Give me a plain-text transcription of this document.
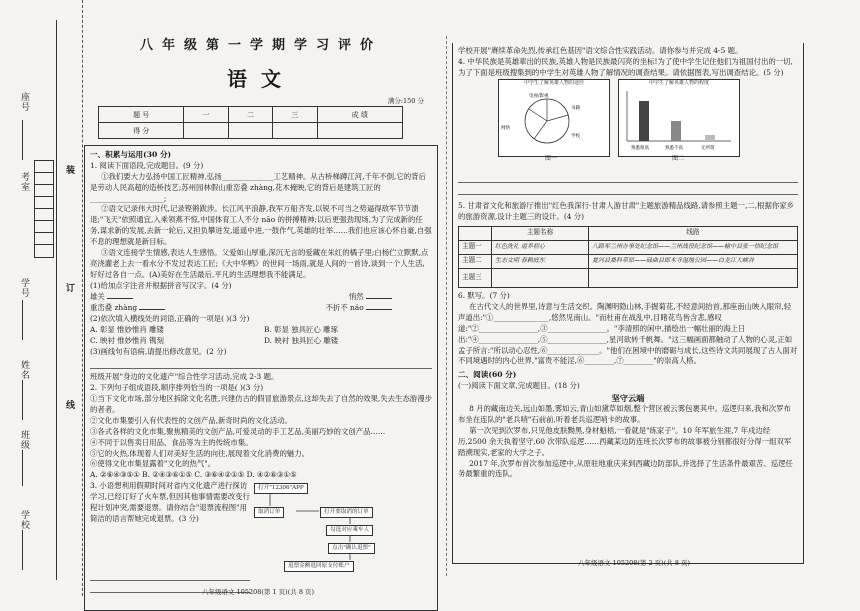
座号
考室
装
学号	订
姓名
线
班级
学校
八年级第一学期学习评价
语文
满分:150 分
题 号	一	二	三	成 绩
得 分				
一、积累与运用(30 分)

1. 阅读下面语段,完成题目。(9 分)

①我们要大力弘扬中国工匠精神,弘扬______________工艺精神。从古桥梯蹲江河,千年不倒,它的背后是劳动人民高超的造桥技艺;苏州园林假山重峦叠 zhàng,花木掩映,它的背后是建筑工匠的____________________;

②语文记录伟大时代,记录铿锵跋涉。长江风平浪静,我军万船齐发,以锐不可当之势逼得敌军节节溃退;"飞天"依照通宜,入乘领燕不惊,中国体育工人不分 nāo 的拼搏精神;以后更强劲现场,为了完成新的任务,谋求新的发展,去新一轮后,又担负攀进发,遥遥中进,一鼓作气,英雄的壮举……我们也应该心怀自豪,自强不息的理想就是新目标。

③语文连接学生情感,表达人生感悟。父爱如山厚重,深沉无言的爱藏在朱红的橘子里;白杨伫立默默,点亮浇灌老上去一看水分不发过表达工匠;《大中华鸭》的世间一场雨,就是人间的一首诗,谈到一个人生活,好好过各自一点。(A)美好在生活最后,平凡的生活理想我不能满足。

(1)给加点字注音并根据拼音写汉字。(4 分)

雄关	悄然
重峦叠 zhàng	不折不 náo

(2)依次填入横线处的词语,正确的一项是( )(3 分)

A. 彰显 惟妙惟肖 雕镂	B. 彰显 独具匠心 雕琢
C. 映衬 惟妙惟肖 镌刻	D. 映衬 独具匠心 雕镂

(3)画线句有语病,请提出修改意见。(2 分)

班级开展"身边的文化遗产"综合性学习活动,完成 2-3 题。

2. 下列句子组成语段,顺序排列恰当的一项是( )(3 分)

①当下文化市场,部分地区拆除文化名胜,兴建仿古的假冒旅游景点,这却失去了自然的效果,失去生态游漫步的者者。

②文化市集要引入有代表性的文创产品,新奇时尚的文化活动。

③各式各样的文化市集,聚焦精美的文创产品,可爱灵动的手工艺品,美丽巧妙的文创产品……

④不同于以售卖日用品、食品等为主的传统市集。

⑤它的火热,体现着人们对美好生活的向往,展现着文化消费的魅力。

⑥使得文化市集显露着"文化的热气"。

A. ②⑥④③⑤① B. ②④③⑥①⑤ C. ③⑥④②①⑤ D. ④②⑥③①⑤

3. 小语想利用假期时间对省内文化遗产进行探访学习,已经订好了火车票,但因其他事情需要改变行程计划冲突,需要退票。请你结合"退票流程图"用简洁的语言帮她完成退票。(3 分)

打开"12306"APP
取消订单	打开要取消的订单
勾选对应乘车人
点击"确认退票"
退票金额退回原支付账户
八年级语文 105208(第 1 页)(共 8 页)

学校开展"赓续革命先烈,传承红色基因"语文综合性实践活动。请你参与并完成 4-5 题。

4. 中华民族是英雄辈出的民族,英雄人物是民族最闪亮的坐标!为了使中学生记住他们为祖国付出的一切,为了下面是班级搜集到的中学生对英雄人物了解情况的调查结果。请依据图表,写出调查结论。(5 分)

中学生了解英雄人物的途径
电视/影视
书籍
网络
学校
图一
中学生了解英雄人物的程度
熟悉很高	熟悉不高	无所谓
图二

5. 甘肃省文化和旅游厅推出"红色我深行·甘肃人游甘肃"主题旅游精品线路,请参照主题一,二,根据你家乡的旅游资源,设计主题三的设计。(4 分)

	主题名称	线路
主题一	红色洗礼 道养初心	八路军兰州办事处纪念馆——兰州战役纪念馆——榆中县张一悟纪念馆
主题二	生态文明 春赖庭东	夏河县桑科草原——碌曲县郎木寺湿地公园——白龙江大峡谷
主题三		

6. 默写。(7 分)

在古代文人的世界里,诗意与生活交织。陶渊明隐山林,手握菊花,不经意间抬首,那座南山映入眼帘,轻声道出:"①_______________,悠然见南山。"而杜甫在战乱中,目睹花鸟皆含悲,感叹道:"②________________,③________________。"李清照的闲中,描绘出一幅壮丽的海上日出:"④________________,⑤________________,星河欲转千帆舞。"这三幅画面都触动了人物的心灵,正如孟子所言:"所以动心忍性,⑥______________。"他们在困境中的磨砺与成长,这些诗文共同展现了古人面对不同境遇时的内心世界,"富贵不能淫,⑥________,⑦________"的崇高人格。

二、阅读(60 分)

(一)阅读下面文章,完成题目。(18 分)

坚守云端

8 月的藏南边关,远山如墨,雾如云,青山如黛草如烟,整个营区被云雾包裹其中。巡逻归来,我和次罗布布坐在连队的"老兵哨"石前前,听着老兵巡逻哨卡的故事。

第一次见到次罗布,只见他皮肤黝黑,身材魁梧,一看就是"练家子"。10 年军旅生涯,7 年戍边经历,2500 余天执着坚守,60 次带队巡逻……西藏某边防连班长次罗布的故事被分别都很好分得一组双军踏溯现实,老家的大学之子。

2017 年,次罗布首次参加巡逻中,从原驻地重庆来到西藏边防部队,并选择了生活条件最艰苦、巡逻任务最繁重的连队。

八年级语文 105208(第 2 页)(共 8 页)
